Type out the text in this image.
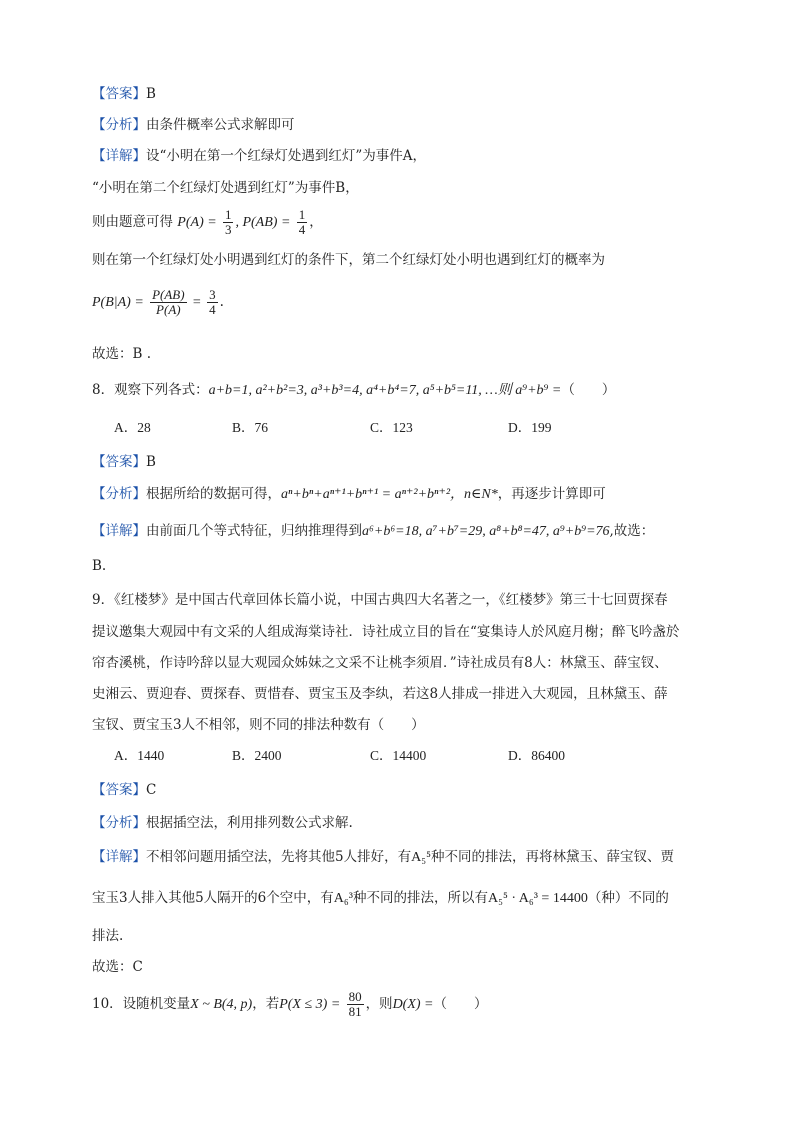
【答案】B
【分析】由条件概率公式求解即可
【详解】设“小明在第一个红绿灯处遇到红灯”为事件A，
“小明在第二个红绿灯处遇到红灯”为事件B，
则由题意可得 $P(A) = \frac{1}{3}$ , $P(AB) = \frac{1}{4}$ ，
则在第一个红绿灯处小明遇到红灯的条件下，第二个红绿灯处小明也遇到红灯的概率为
$P(B|A) = \frac{P(AB)}{P(A)} = \frac{3}{4}$ .
故选：B .
8．观察下列各式：a+b=1, a²+b²=3, a³+b³=4, a⁴+b⁴=7, a⁵+b⁵=11, …则 a⁹+b⁹ =（　　）
A．28	B．76	C．123	D．199
【答案】B
【分析】根据所给的数据可得，aⁿ+bⁿ+aⁿ⁺¹+bⁿ⁺¹ = aⁿ⁺²+bⁿ⁺²，n∈N*，再逐步计算即可
【详解】由前面几个等式特征，归纳推理得到a⁶+b⁶=18, a⁷+b⁷=29, a⁸+b⁸=47, a⁹+b⁹=76,故选：
B.
9．《红楼梦》是中国古代章回体长篇小说，中国古典四大名著之一，《红楼梦》第三十七回贾探春
提议邀集大观园中有文采的人组成海棠诗社．诗社成立目的旨在“宴集诗人於风庭月榭；醉飞吟盏於
帘杏溪桃，作诗吟辞以显大观园众姊妹之文采不让桃李须眉．”诗社成员有8人：林黛玉、薛宝钗、
史湘云、贾迎春、贾探春、贾惜春、贾宝玉及李纨，若这8人排成一排进入大观园，且林黛玉、薛
宝钗、贾宝玉3人不相邻，则不同的排法种数有（　　）
A．1440	B．2400	C．14400	D．86400
【答案】C
【分析】根据插空法，利用排列数公式求解.
【详解】不相邻问题用插空法，先将其他5人排好，有A₅⁵种不同的排法，再将林黛玉、薛宝钗、贾
宝玉3人排入其他5人隔开的6个空中，有A₆³种不同的排法，所以有A₅⁵ · A₆³ = 14400（种）不同的
排法.
故选：C
10．设随机变量X ~ B(4, p)，若$P(X \le 3) = \frac{80}{81}$ ，则D(X) =（　　）
